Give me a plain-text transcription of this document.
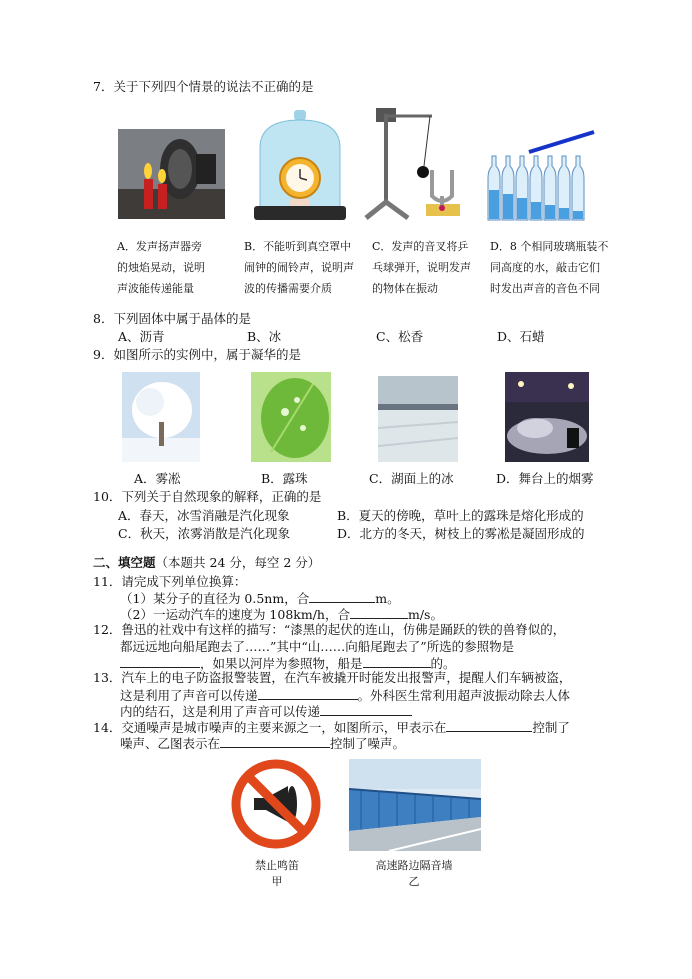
7．关于下列四个情景的说法不正确的是
A．发声扬声器旁
的烛焰晃动，说明
声波能传递能量
B．不能听到真空罩中
闹钟的闹铃声，说明声
波的传播需要介质
C．发声的音叉将乒
乓球弹开，说明发声
的物体在振动
D．8 个相同玻璃瓶装不
同高度的水，敲击它们
时发出声音的音色不同
8．下列固体中属于晶体的是
A、沥青	B、冰	C、松香	D、石蜡
9．如图所示的实例中，属于凝华的是
A．雾凇	B．露珠	C．湖面上的冰	D．舞台上的烟雾
10．下列关于自然现象的解释，正确的是
A．春天，冰雪消融是汽化现象	B．夏天的傍晚，草叶上的露珠是熔化形成的
C．秋天，浓雾消散是汽化现象	D．北方的冬天，树枝上的雾凇是凝固形成的
二、填空题（本题共 24 分，每空 2 分）
11．请完成下列单位换算：
（1）某分子的直径为 0.5nm，合	m。
（2）一运动汽车的速度为 108km/h，合	m/s。
12．鲁迅的社戏中有这样的描写：“漆黑的起伏的连山，仿佛是踊跃的铁的兽脊似的，
都远远地向船尾跑去了……”其中“山……向船尾跑去了”所选的参照物是
，如果以河岸为参照物，船是	的。
13．汽车上的电子防盗报警装置，在汽车被撬开时能发出报警声，提醒人们车辆被盗，
这是利用了声音可以传递	。外科医生常利用超声波振动除去人体
内的结石，这是利用了声音可以传递
14．交通噪声是城市噪声的主要来源之一，如图所示，甲表示在	控制了
噪声、乙图表示在	控制了噪声。
禁止鸣笛
甲
高速路边隔音墙
乙
